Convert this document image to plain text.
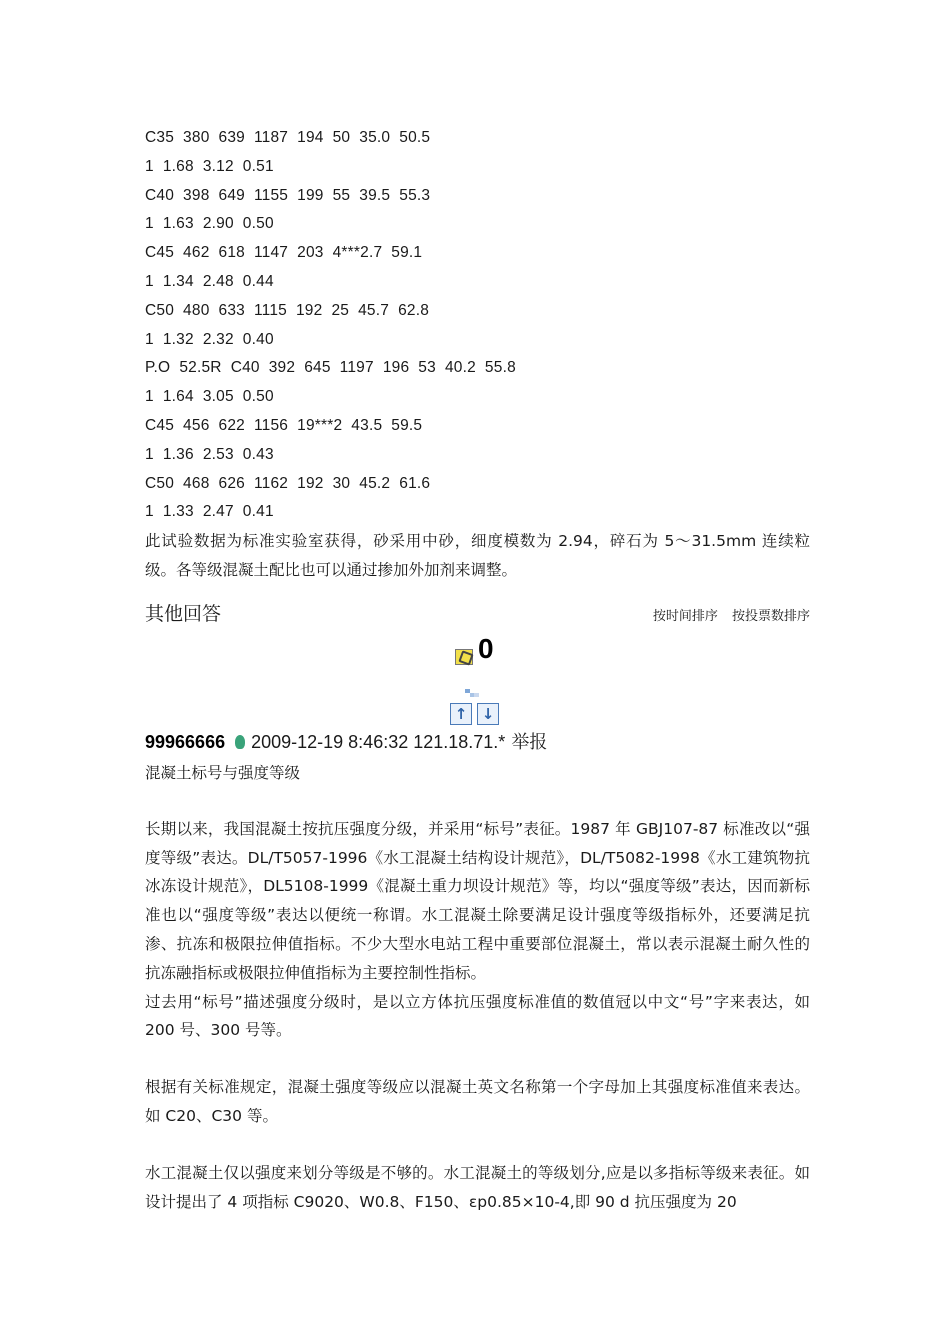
C35  380  639  1187  194  50  35.0  50.5
1  1.68  3.12  0.51
C40  398  649  1155  199  55  39.5  55.3
1  1.63  2.90  0.50
C45  462  618  1147  203  4***2.7  59.1
1  1.34  2.48  0.44
C50  480  633  1115  192  25  45.7  62.8
1  1.32  2.32  0.40
P.O  52.5R  C40  392  645  1197  196  53  40.2  55.8
1  1.64  3.05  0.50
C45  456  622  1156  19***2  43.5  59.5
1  1.36  2.53  0.43
C50  468  626  1162  192  30  45.2  61.6
1  1.33  2.47  0.41

此试验数据为标准实验室获得，砂采用中砂，细度模数为 2.94，碎石为 5～31.5mm 连续粒级。各等级混凝土配比也可以通过掺加外加剂来调整。

其他回答	按时间排序 按投票数排序
0
↑ ↓
99966666 2009-12-19 8:46:32 121.18.71.* 举报
混凝土标号与强度等级

长期以来，我国混凝土按抗压强度分级，并采用“标号”表征。1987 年 GBJ107-87 标准改以“强度等级”表达。DL/T5057-1996《水工混凝土结构设计规范》，DL/T5082-1998《水工建筑物抗冰冻设计规范》，DL5108-1999《混凝土重力坝设计规范》等，均以“强度等级”表达，因而新标准也以“强度等级”表达以便统一称谓。水工混凝土除要满足设计强度等级指标外，还要满足抗渗、抗冻和极限拉伸值指标。不少大型水电站工程中重要部位混凝土，常以表示混凝土耐久性的抗冻融指标或极限拉伸值指标为主要控制性指标。

过去用“标号”描述强度分级时，是以立方体抗压强度标准值的数值冠以中文“号”字来表达，如 200 号、300 号等。

根据有关标准规定，混凝土强度等级应以混凝土英文名称第一个字母加上其强度标准值来表达。如 C20、C30 等。

水工混凝土仅以强度来划分等级是不够的。水工混凝土的等级划分,应是以多指标等级来表征。如设计提出了 4 项指标 C9020、W0.8、F150、εp0.85×10-4,即 90 d 抗压强度为 20
